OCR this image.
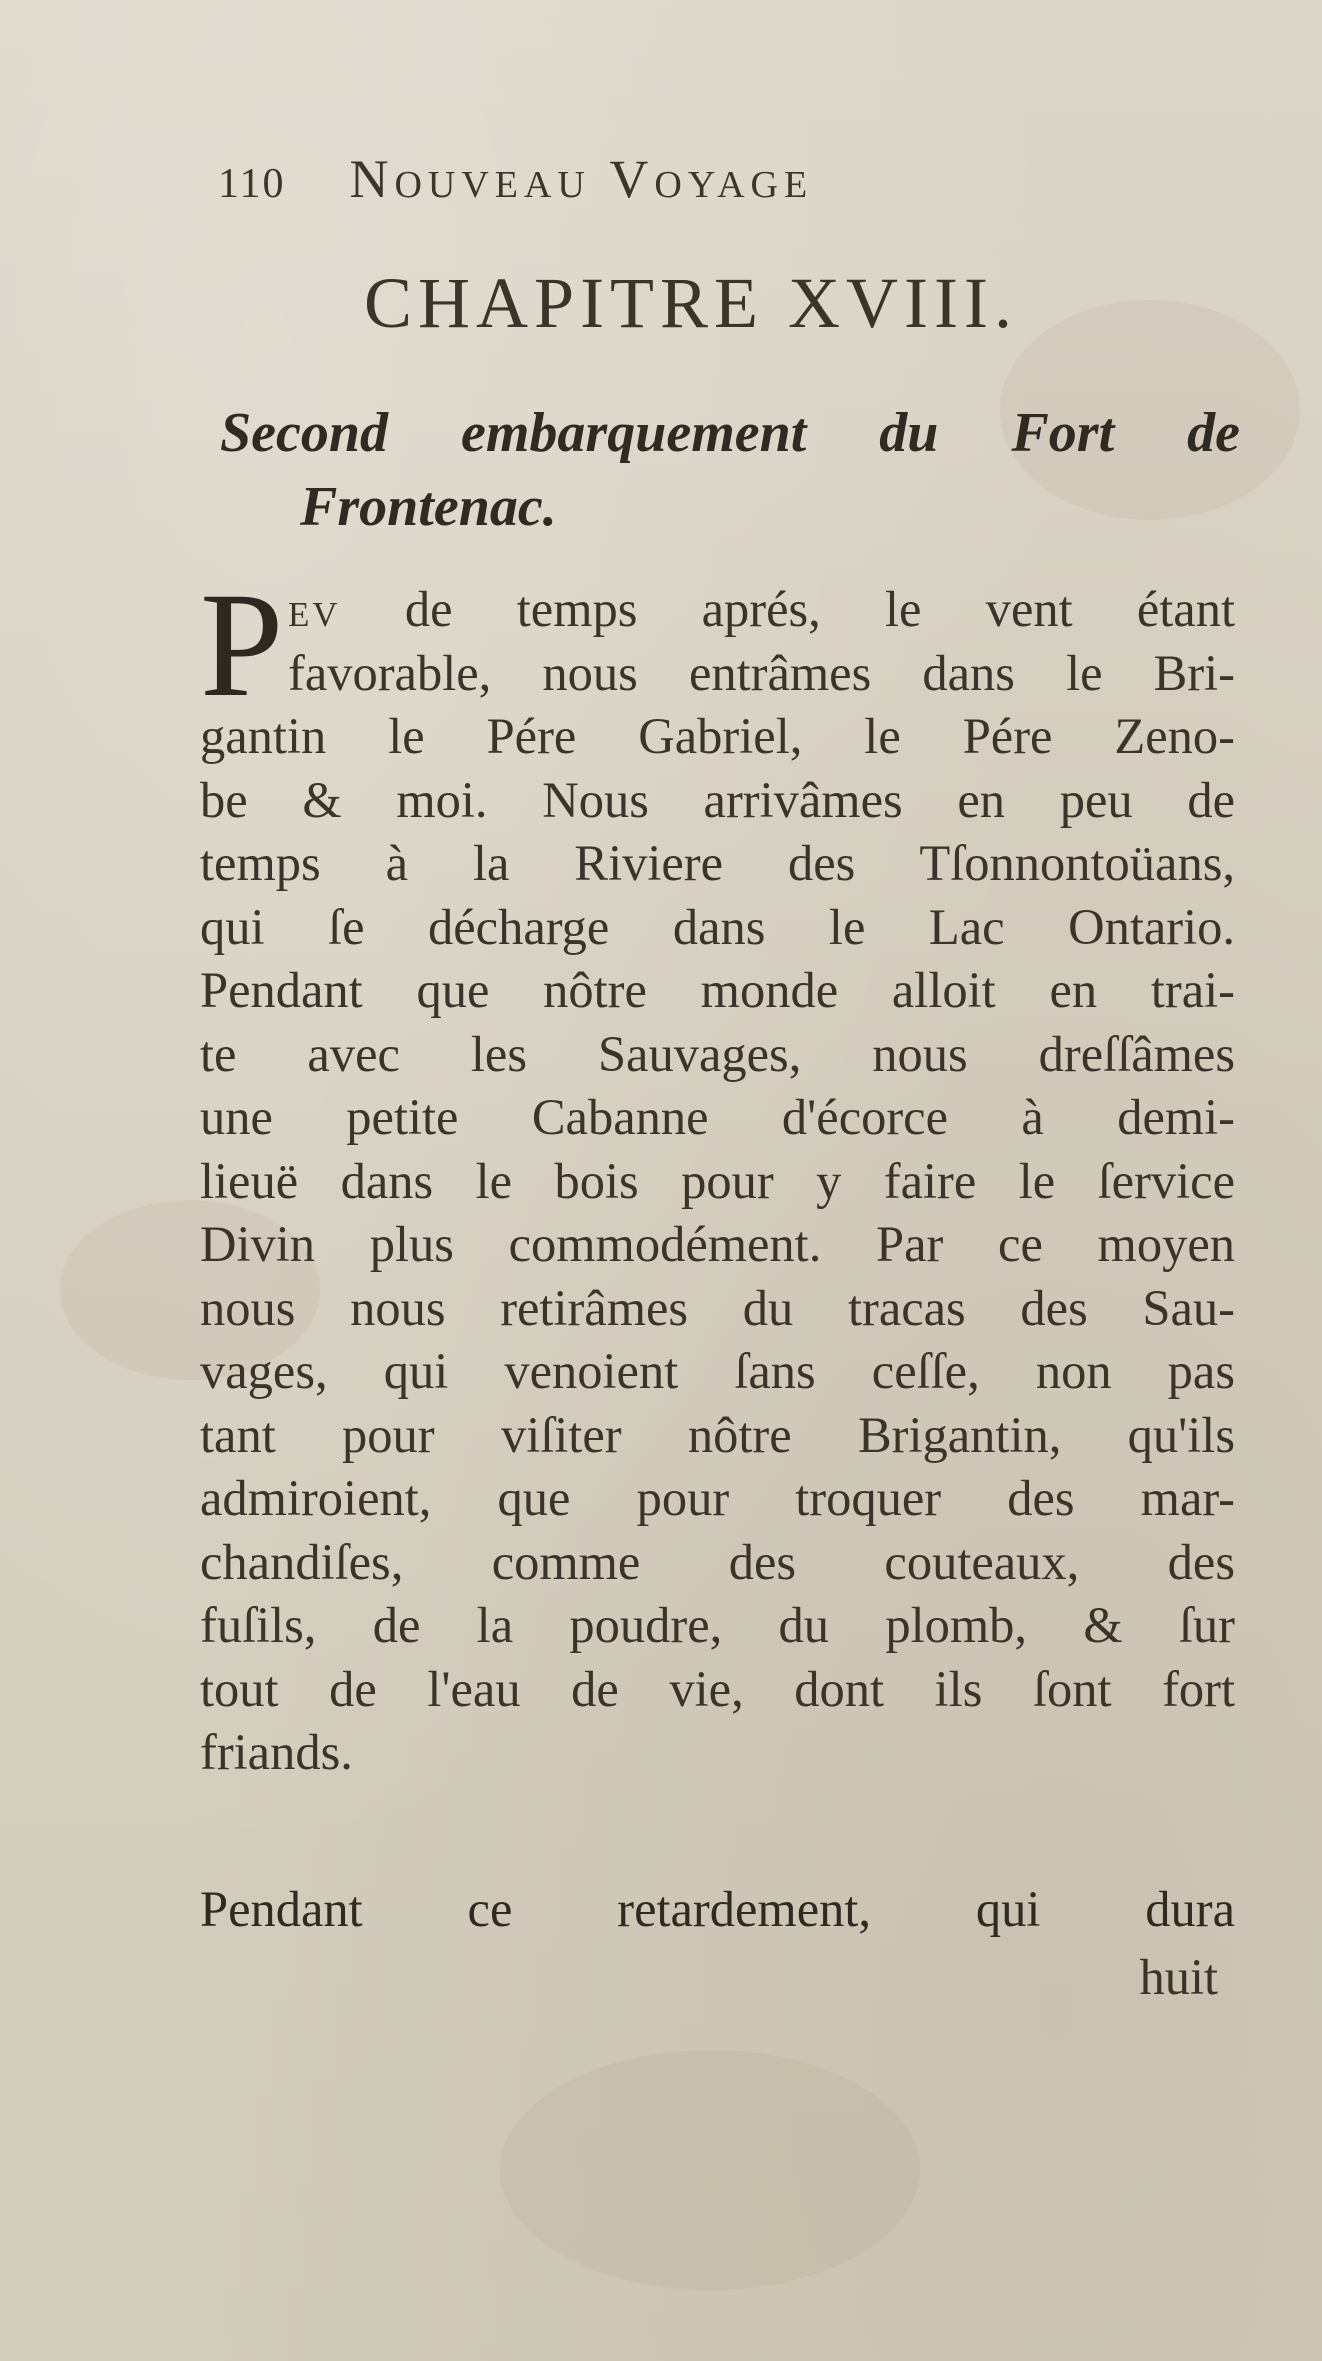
110 Nouveau Voyage
CHAPITRE XVIII.
Second embarquement du Fort de
Frontenac.
P ev de temps aprés, le vent étant
favorable, nous entrâmes dans le Bri-
gantin le Pére Gabriel, le Pére Zeno-
be & moi. Nous arrivâmes en peu de
temps à la Riviere des Tſonnontoüans,
qui ſe décharge dans le Lac Ontario.
Pendant que nôtre monde alloit en trai-
te avec les Sauvages, nous dreſſâmes
une petite Cabanne d'écorce à demi-
lieuë dans le bois pour y faire le ſervice
Divin plus commodément. Par ce moyen
nous nous retirâmes du tracas des Sau-
vages, qui venoient ſans ceſſe, non pas
tant pour viſiter nôtre Brigantin, qu'ils
admiroient, que pour troquer des mar-
chandiſes, comme des couteaux, des
fuſils, de la poudre, du plomb, & ſur
tout de l'eau de vie, dont ils ſont fort
friands.
Pendant ce retardement, qui dura
huit
